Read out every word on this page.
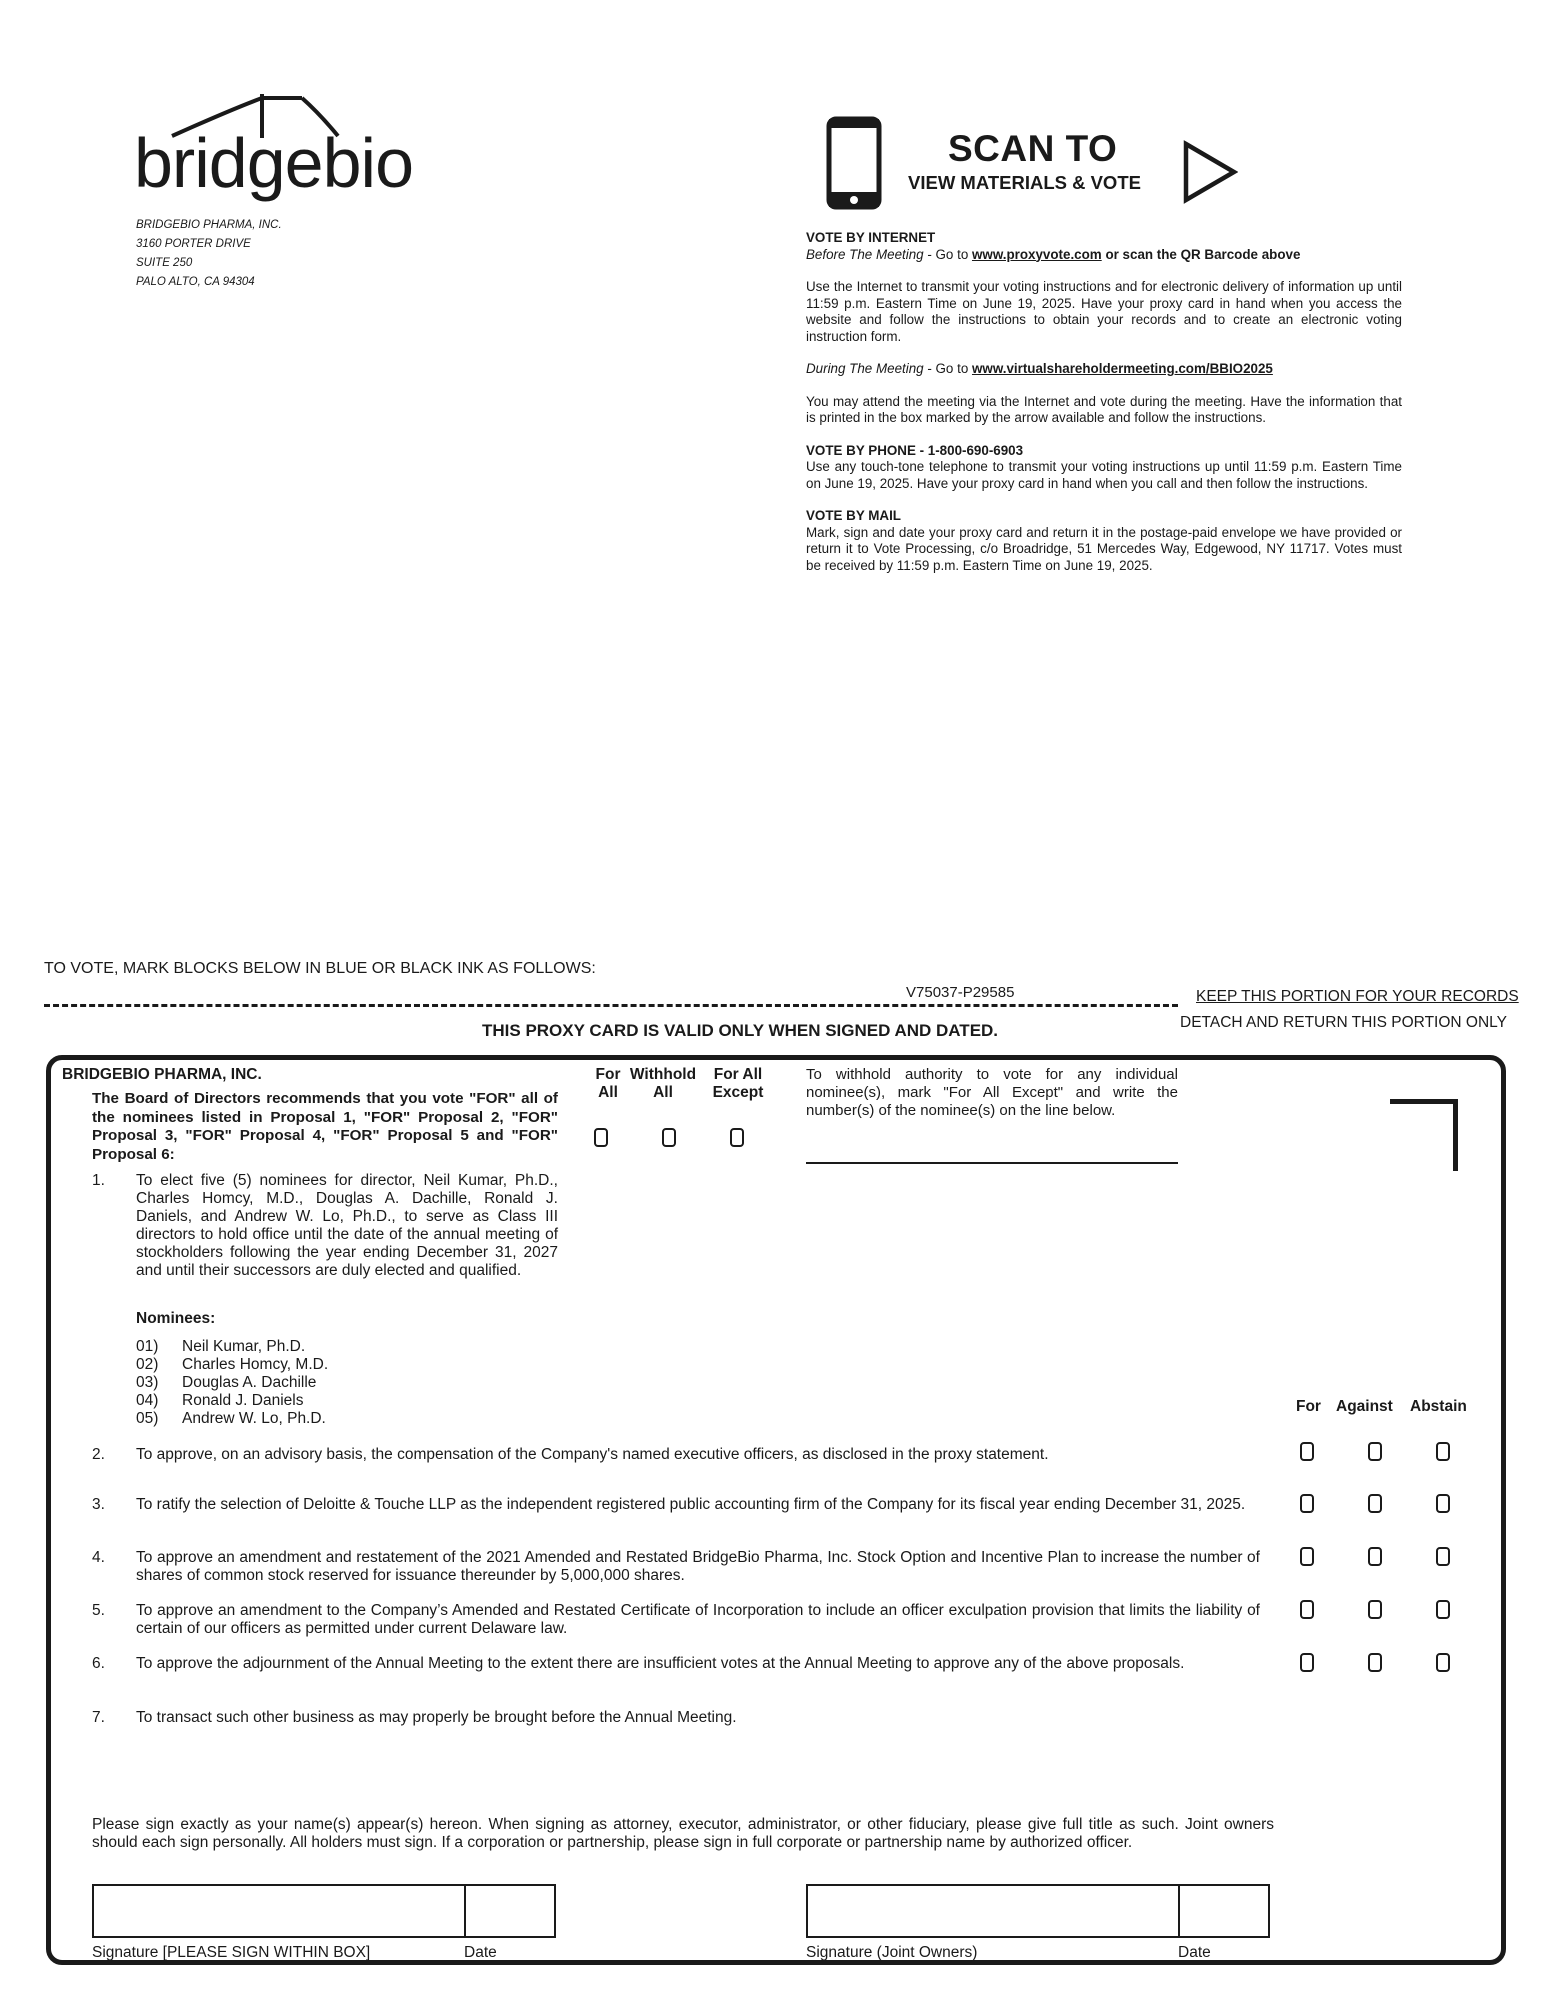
bridgebio
BRIDGEBIO PHARMA, INC.
3160 PORTER DRIVE
SUITE 250
PALO ALTO, CA 94304
SCAN TO
VIEW MATERIALS & VOTE

VOTE BY INTERNET

Before The Meeting - Go to www.proxyvote.com or scan the QR Barcode above

Use the Internet to transmit your voting instructions and for electronic delivery of information up until 11:59 p.m. Eastern Time on June 19, 2025. Have your proxy card in hand when you access the website and follow the instructions to obtain your records and to create an electronic voting instruction form.

During The Meeting - Go to www.virtualshareholdermeeting.com/BBIO2025

You may attend the meeting via the Internet and vote during the meeting. Have the information that is printed in the box marked by the arrow available and follow the instructions.

VOTE BY PHONE - 1-800-690-6903

Use any touch-tone telephone to transmit your voting instructions up until 11:59 p.m. Eastern Time on June 19, 2025. Have your proxy card in hand when you call and then follow the instructions.

VOTE BY MAIL

Mark, sign and date your proxy card and return it in the postage-paid envelope we have provided or return it to Vote Processing, c/o Broadridge, 51 Mercedes Way, Edgewood, NY 11717. Votes must be received by 11:59 p.m. Eastern Time on June 19, 2025.

TO VOTE, MARK BLOCKS BELOW IN BLUE OR BLACK INK AS FOLLOWS:
V75037-P29585	KEEP THIS PORTION FOR YOUR RECORDS
DETACH AND RETURN THIS PORTION ONLY
THIS PROXY CARD IS VALID ONLY WHEN SIGNED AND DATED.
BRIDGEBIO PHARMA, INC.
The Board of Directors recommends that you vote "FOR" all of the nominees listed in Proposal 1, "FOR" Proposal 2, "FOR" Proposal 3, "FOR" Proposal 4, "FOR" Proposal 5 and "FOR" Proposal 6:
For
All
Withhold
All
For All
Except
To withhold authority to vote for any individual nominee(s), mark "For All Except" and write the number(s) of the nominee(s) on the line below.
1. To elect five (5) nominees for director, Neil Kumar, Ph.D., Charles Homcy, M.D., Douglas A. Dachille, Ronald J. Daniels, and Andrew W. Lo, Ph.D., to serve as Class III directors to hold office until the date of the annual meeting of stockholders following the year ending December 31, 2027 and until their successors are duly elected and qualified.
Nominees:
01) Neil Kumar, Ph.D.
02) Charles Homcy, M.D.
03) Douglas A. Dachille
04) Ronald J. Daniels
05) Andrew W. Lo, Ph.D.
For Against Abstain
2. To approve, on an advisory basis, the compensation of the Company's named executive officers, as disclosed in the proxy statement.
3. To ratify the selection of Deloitte & Touche LLP as the independent registered public accounting firm of the Company for its fiscal year ending December 31, 2025.
4. To approve an amendment and restatement of the 2021 Amended and Restated BridgeBio Pharma, Inc. Stock Option and Incentive Plan to increase the number of shares of common stock reserved for issuance thereunder by 5,000,000 shares.
5. To approve an amendment to the Company’s Amended and Restated Certificate of Incorporation to include an officer exculpation provision that limits the liability of certain of our officers as permitted under current Delaware law.
6. To approve the adjournment of the Annual Meeting to the extent there are insufficient votes at the Annual Meeting to approve any of the above proposals.
7. To transact such other business as may properly be brought before the Annual Meeting.
Please sign exactly as your name(s) appear(s) hereon. When signing as attorney, executor, administrator, or other fiduciary, please give full title as such. Joint owners should each sign personally. All holders must sign. If a corporation or partnership, please sign in full corporate or partnership name by authorized officer.
Signature [PLEASE SIGN WITHIN BOX]	Date	Signature (Joint Owners)	Date
